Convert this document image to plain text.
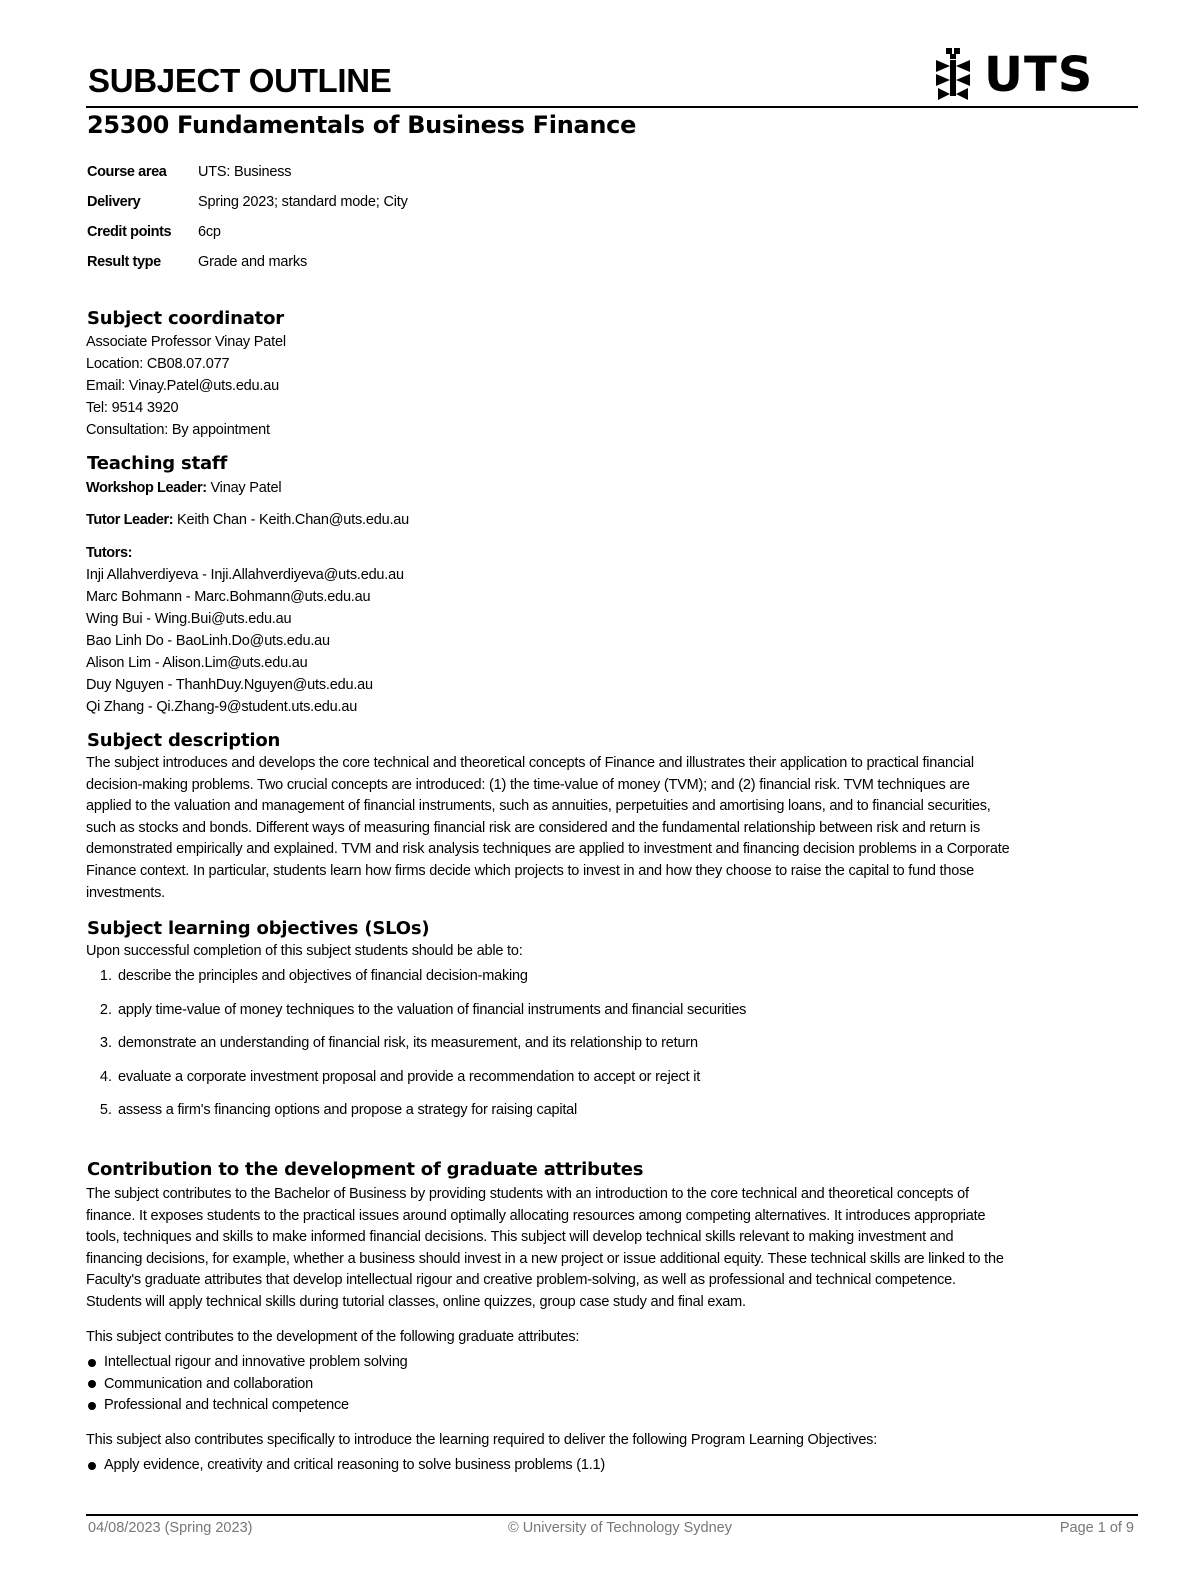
SUBJECT OUTLINE	UTS
25300 Fundamentals of Business Finance
Course area	UTS: Business
Delivery	Spring 2023; standard mode; City
Credit points	6cp
Result type	Grade and marks
Subject coordinator
Associate Professor Vinay Patel
Location: CB08.07.077
Email: Vinay.Patel@uts.edu.au
Tel: 9514 3920
Consultation: By appointment
Teaching staff
Workshop Leader: Vinay Patel
Tutor Leader: Keith Chan - Keith.Chan@uts.edu.au
Tutors:
Inji Allahverdiyeva - Inji.Allahverdiyeva@uts.edu.au
Marc Bohmann - Marc.Bohmann@uts.edu.au
Wing Bui - Wing.Bui@uts.edu.au
Bao Linh Do - BaoLinh.Do@uts.edu.au
Alison Lim - Alison.Lim@uts.edu.au
Duy Nguyen - ThanhDuy.Nguyen@uts.edu.au
Qi Zhang - Qi.Zhang-9@student.uts.edu.au
Subject description
The subject introduces and develops the core technical and theoretical concepts of Finance and illustrates their application to practical financial
decision-making problems. Two crucial concepts are introduced: (1) the time-value of money (TVM); and (2) financial risk. TVM techniques are
applied to the valuation and management of financial instruments, such as annuities, perpetuities and amortising loans, and to financial securities,
such as stocks and bonds. Different ways of measuring financial risk are considered and the fundamental relationship between risk and return is
demonstrated empirically and explained. TVM and risk analysis techniques are applied to investment and financing decision problems in a Corporate
Finance context. In particular, students learn how firms decide which projects to invest in and how they choose to raise the capital to fund those
investments.
Subject learning objectives (SLOs)
Upon successful completion of this subject students should be able to:
1. describe the principles and objectives of financial decision-making
2. apply time-value of money techniques to the valuation of financial instruments and financial securities
3. demonstrate an understanding of financial risk, its measurement, and its relationship to return
4. evaluate a corporate investment proposal and provide a recommendation to accept or reject it
5. assess a firm's financing options and propose a strategy for raising capital
Contribution to the development of graduate attributes
The subject contributes to the Bachelor of Business by providing students with an introduction to the core technical and theoretical concepts of
finance. It exposes students to the practical issues around optimally allocating resources among competing alternatives. It introduces appropriate
tools, techniques and skills to make informed financial decisions. This subject will develop technical skills relevant to making investment and
financing decisions, for example, whether a business should invest in a new project or issue additional equity. These technical skills are linked to the
Faculty's graduate attributes that develop intellectual rigour and creative problem-solving, as well as professional and technical competence.
Students will apply technical skills during tutorial classes, online quizzes, group case study and final exam.
This subject contributes to the development of the following graduate attributes:
Intellectual rigour and innovative problem solving
Communication and collaboration
Professional and technical competence
This subject also contributes specifically to introduce the learning required to deliver the following Program Learning Objectives:
Apply evidence, creativity and critical reasoning to solve business problems (1.1)
04/08/2023 (Spring 2023)	© University of Technology Sydney	Page 1 of 9
